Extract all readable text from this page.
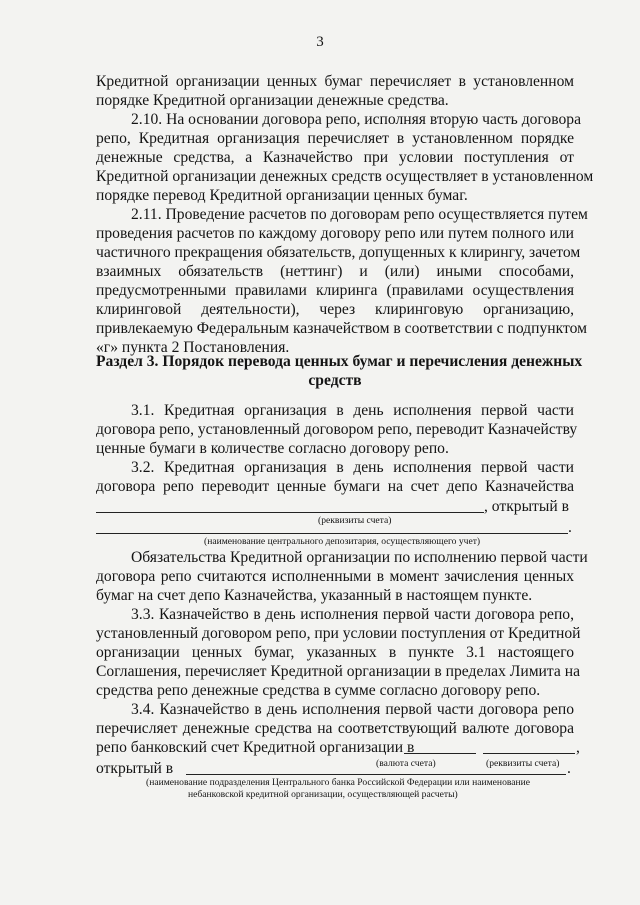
3
Кредитной организации ценных бумаг перечисляет в установленном
порядке Кредитной организации денежные средства.
2.10. На основании договора репо, исполняя вторую часть договора
репо, Кредитная организация перечисляет в установленном порядке
денежные средства, а Казначейство при условии поступления от
Кредитной организации денежных средств осуществляет в установленном
порядке перевод Кредитной организации ценных бумаг.
2.11. Проведение расчетов по договорам репо осуществляется путем
проведения расчетов по каждому договору репо или путем полного или
частичного прекращения обязательств, допущенных к клирингу, зачетом
взаимных обязательств (неттинг) и (или) иными способами,
предусмотренными правилами клиринга (правилами осуществления
клиринговой деятельности), через клиринговую организацию,
привлекаемую Федеральным казначейством в соответствии с подпунктом
«г» пункта 2 Постановления.
Раздел 3. Порядок перевода ценных бумаг и перечисления денежных
средств
3.1. Кредитная организация в день исполнения первой части
договора репо, установленный договором репо, переводит Казначейству
ценные бумаги в количестве согласно договору репо.
3.2. Кредитная организация в день исполнения первой части
договора репо переводит ценные бумаги на счет депо Казначейства
, открытый в
(реквизиты счета)	.
(наименование центрального депозитария, осуществляющего учет)
Обязательства Кредитной организации по исполнению первой части
договора репо считаются исполненными в момент зачисления ценных
бумаг на счет депо Казначейства, указанный в настоящем пункте.
3.3. Казначейство в день исполнения первой части договора репо,
установленный договором репо, при условии поступления от Кредитной
организации ценных бумаг, указанных в пункте 3.1 настоящего
Соглашения, перечисляет Кредитной организации в пределах Лимита на
средства репо денежные средства в сумме согласно договору репо.
3.4. Казначейство в день исполнения первой части договора репо
перечисляет денежные средства на соответствующий валюте договора
репо банковский счет Кредитной организации в	,
(валюта счета)	(реквизиты счета)
открытый в	.
(наименование подразделения Центрального банка Российской Федерации или наименование
небанковской кредитной организации, осуществляющей расчеты)
